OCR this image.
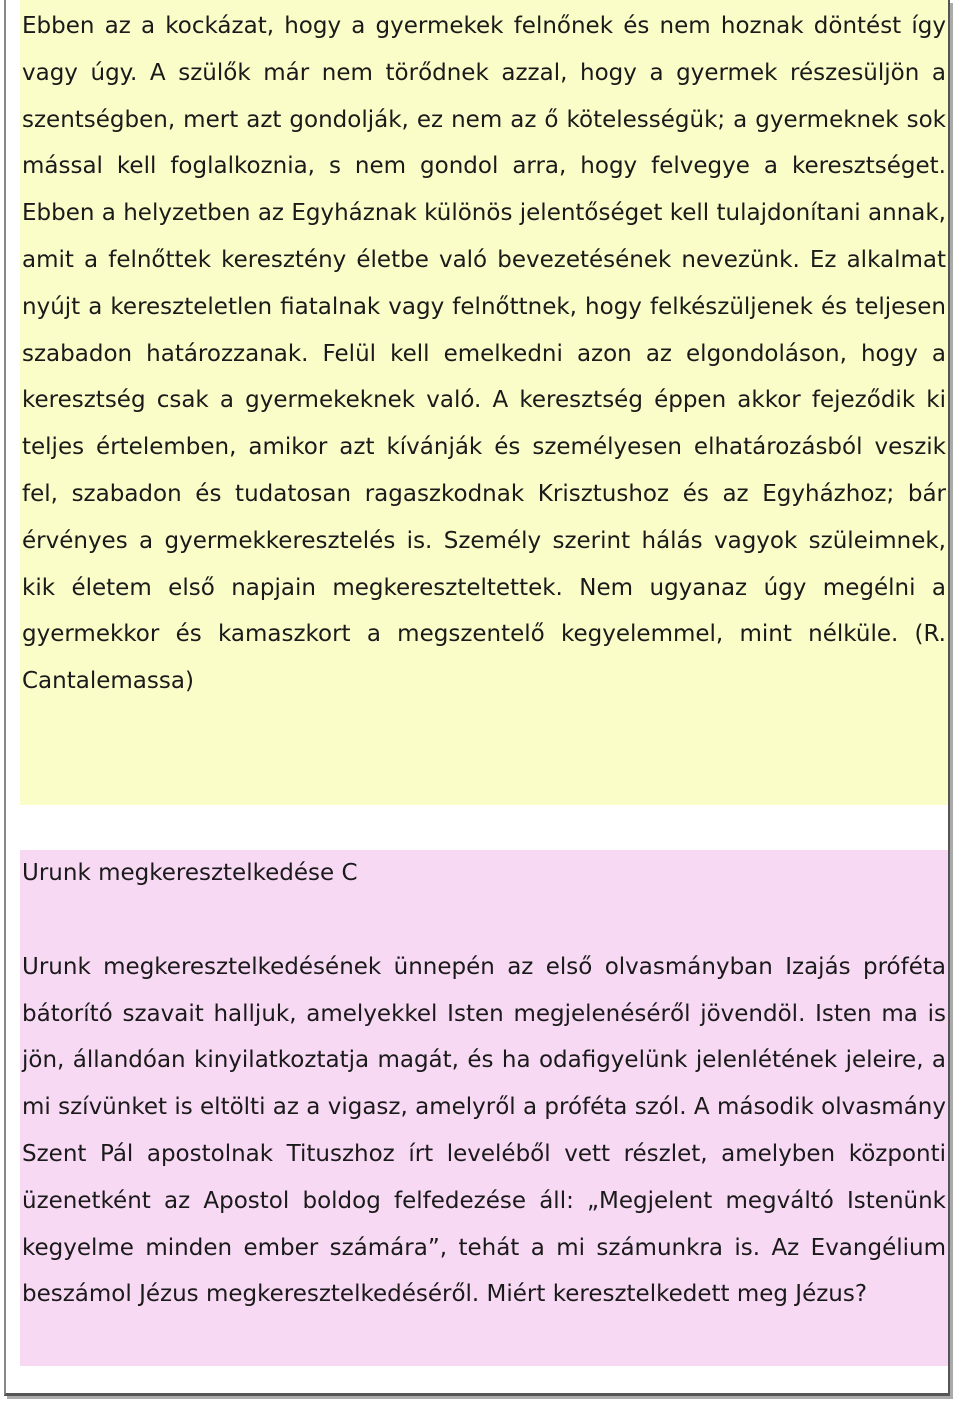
Ebben az a kockázat, hogy a gyermekek felnőnek és nem hoznak döntést így vagy úgy. A szülők már nem törődnek azzal, hogy a gyermek részesüljön a szentségben, mert azt gondolják, ez nem az ő kötelességük; a gyermeknek sok mással kell foglalkoznia, s nem gondol arra, hogy felvegye a keresztséget. Ebben a helyzetben az Egyháznak különös jelentőséget kell tulajdonítani annak, amit a felnőttek keresztény életbe való bevezetésének nevezünk. Ez alkalmat nyújt a kereszteletlen fiatalnak vagy felnőttnek, hogy felkészüljenek és teljesen szabadon határozzanak. Felül kell emelkedni azon az elgondoláson, hogy a keresztség csak a gyermekeknek való. A keresztség éppen akkor fejeződik ki teljes értelemben, amikor azt kívánják és személyesen elhatározásból veszik fel, szabadon és tudatosan ragaszkodnak Krisztushoz és az Egyházhoz; bár érvényes a gyermekkeresztelés is. Személy szerint hálás vagyok szüleimnek, kik életem első napjain megkereszteltettek. Nem ugyanaz úgy megélni a gyermekkor és kamaszkort a megszentelő kegyelemmel, mint nélküle. (R. Cantalemassa)

Urunk megkeresztelkedése C

Urunk megkeresztelkedésének ünnepén az első olvasmányban Izajás próféta bátorító szavait halljuk, amelyekkel Isten megjelenéséről jövendöl. Isten ma is jön, állandóan kinyilatkoztatja magát, és ha odafigyelünk jelenlétének jeleire, a mi szívünket is eltölti az a vigasz, amelyről a próféta szól. A második olvasmány Szent Pál apostolnak Tituszhoz írt leveléből vett részlet, amelyben központi üzenetként az Apostol boldog felfedezése áll: „Megjelent megváltó Istenünk kegyelme minden ember számára”, tehát a mi számunkra is. Az Evangélium beszámol Jézus megkeresztelkedéséről. Miért keresztelkedett meg Jézus?
